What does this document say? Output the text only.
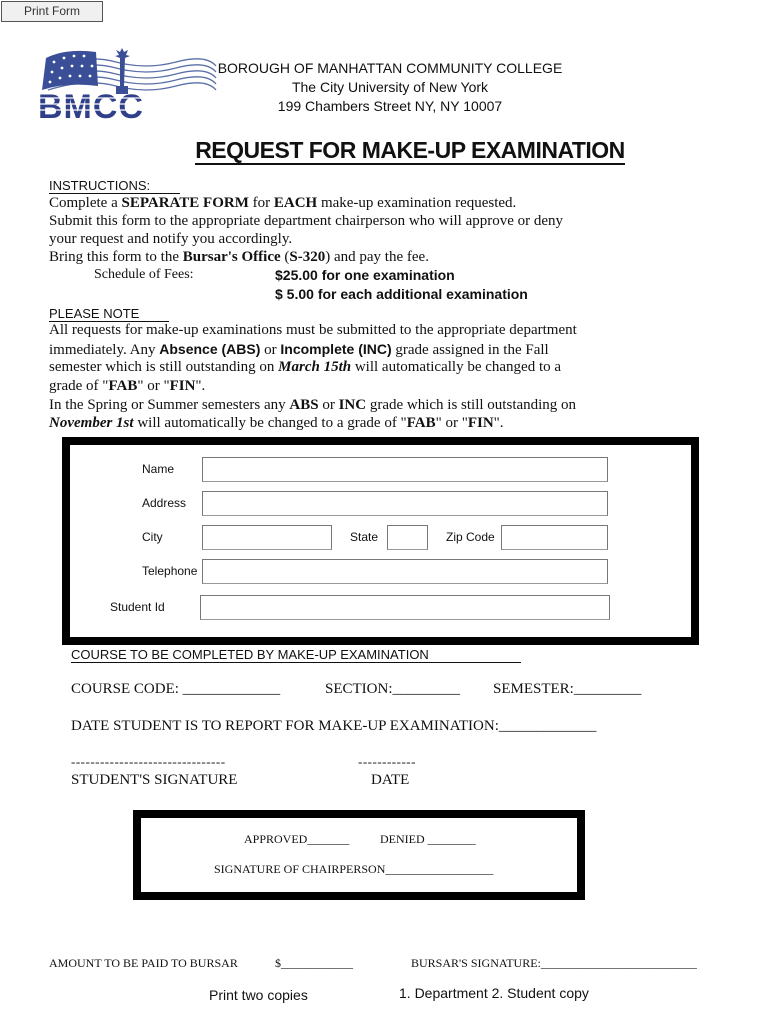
Print Form
BMCC
BOROUGH OF MANHATTAN COMMUNITY COLLEGE
The City University of New York
199 Chambers Street NY, NY 10007
REQUEST FOR MAKE-UP EXAMINATION
INSTRUCTIONS:
Complete a SEPARATE FORM for EACH make-up examination requested.
Submit this form to the appropriate department chairperson who will approve or deny
your request and notify you accordingly.
Bring this form to the Bursar's Office (S-320) and pay the fee.
Schedule of Fees:	$25.00 for one examination
$ 5.00 for each additional examination
PLEASE NOTE
All requests for make-up examinations must be submitted to the appropriate department
immediately. Any Absence (ABS) or Incomplete (INC) grade assigned in the Fall
semester which is still outstanding on March 15th will automatically be changed to a
grade of "FAB" or "FIN".
In the Spring or Summer semesters any ABS or INC grade which is still outstanding on
November 1st will automatically be changed to a grade of "FAB" or "FIN".
Name
Address
City	State	Zip Code
Telephone
Student Id
COURSE TO BE COMPLETED BY MAKE-UP EXAMINATION
COURSE CODE: _____________	SECTION:_________ SEMESTER:_________
DATE STUDENT IS TO REPORT FOR MAKE-UP EXAMINATION:_____________
--------------------------------	------------
STUDENT'S SIGNATURE	DATE
APPROVED_______	DENIED ________
SIGNATURE OF CHAIRPERSON__________________
AMOUNT TO BE PAID TO BURSAR	$____________	BURSAR'S SIGNATURE:__________________________
Print two copies	1. Department 2. Student copy
